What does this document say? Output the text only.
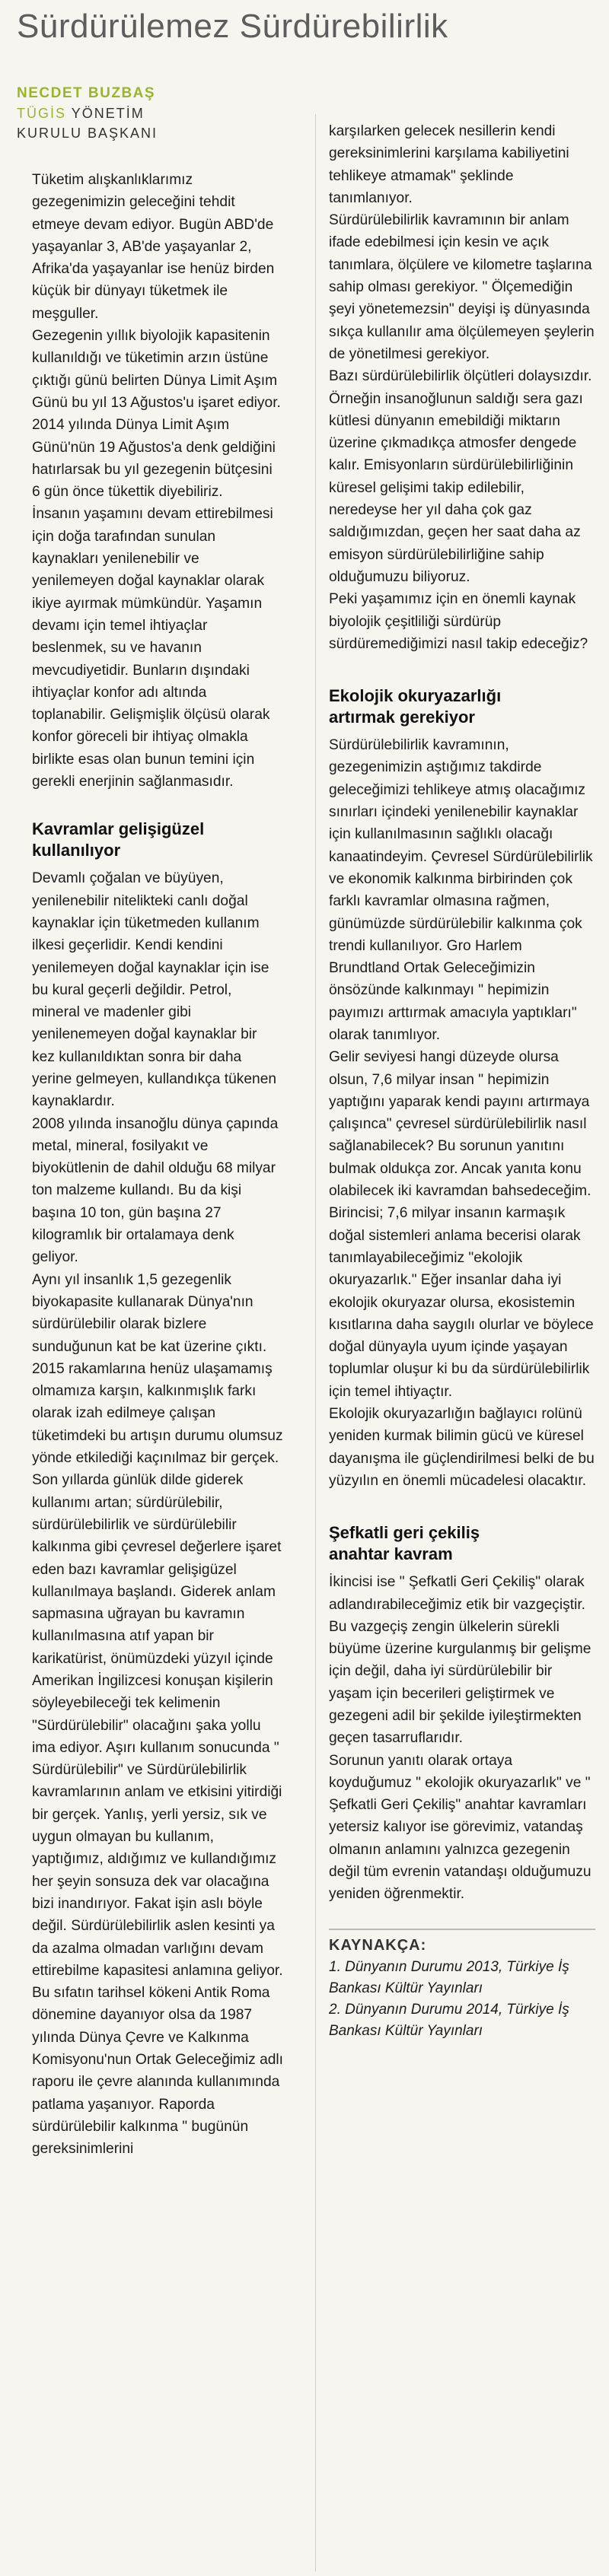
Sürdürülemez Sürdürebilirlik
NECDET BUZBAŞ
TÜGİS YÖNETİM
KURULU BAŞKANI

Tüketim alışkanlıklarımız gezegenimizin geleceğini tehdit etmeye devam ediyor. Bugün ABD'de yaşayanlar 3, AB'de yaşayanlar 2, Afrika'da yaşayanlar ise henüz birden küçük bir dünyayı tüketmek ile meşguller.

Gezegenin yıllık biyolojik kapasitenin kullanıldığı ve tüketimin arzın üstüne çıktığı günü belirten Dünya Limit Aşım Günü bu yıl 13 Ağustos'u işaret ediyor. 2014 yılında Dünya Limit Aşım Günü'nün 19 Ağustos'a denk geldiğini hatırlarsak bu yıl gezegenin bütçesini 6 gün önce tükettik diyebiliriz.

İnsanın yaşamını devam ettirebilmesi için doğa tarafından sunulan kaynakları yenilenebilir ve yenilemeyen doğal kaynaklar olarak ikiye ayırmak mümkündür. Yaşamın devamı için temel ihtiyaçlar beslenmek, su ve havanın mevcudiyetidir. Bunların dışındaki ihtiyaçlar konfor adı altında toplanabilir. Gelişmişlik ölçüsü olarak konfor göreceli bir ihtiyaç olmakla birlikte esas olan bunun temini için gerekli enerjinin sağlanmasıdır.

Kavramlar gelişigüzel kullanılıyor

Devamlı çoğalan ve büyüyen, yenilenebilir nitelikteki canlı doğal kaynaklar için tüketmeden kullanım ilkesi geçerlidir. Kendi kendini yenilemeyen doğal kaynaklar için ise bu kural geçerli değildir. Petrol, mineral ve madenler gibi yenilenemeyen doğal kaynaklar bir kez kullanıldıktan sonra bir daha yerine gelmeyen, kullandıkça tükenen kaynaklardır.

2008 yılında insanoğlu dünya çapında metal, mineral, fosilyakıt ve biyokütlenin de dahil olduğu 68 milyar ton malzeme kullandı. Bu da kişi başına 10 ton, gün başına 27 kilogramlık bir ortalamaya denk geliyor.

Aynı yıl insanlık 1,5 gezegenlik biyokapasite kullanarak Dünya'nın sürdürülebilir olarak bizlere sunduğunun kat be kat üzerine çıktı. 2015 rakamlarına henüz ulaşamamış olmamıza karşın, kalkınmışlık farkı olarak izah edilmeye çalışan tüketimdeki bu artışın durumu olumsuz yönde etkilediği kaçınılmaz bir gerçek.

Son yıllarda günlük dilde giderek kullanımı artan; sürdürülebilir, sürdürülebilirlik ve sürdürülebilir kalkınma gibi çevresel değerlere işaret eden bazı kavramlar gelişigüzel kullanılmaya başlandı. Giderek anlam sapmasına uğrayan bu kavramın kullanılmasına atıf yapan bir karikatürist, önümüzdeki yüzyıl içinde Amerikan İngilizcesi konuşan kişilerin söyleyebileceği tek kelimenin "Sürdürülebilir" olacağını şaka yollu ima ediyor. Aşırı kullanım sonucunda " Sürdürülebilir" ve Sürdürülebilirlik kavramlarının anlam ve etkisini yitirdiği bir gerçek. Yanlış, yerli yersiz, sık ve uygun olmayan bu kullanım, yaptığımız, aldığımız ve kullandığımız her şeyin sonsuza dek var olacağına bizi inandırıyor. Fakat işin aslı böyle değil. Sürdürülebilirlik aslen kesinti ya da azalma olmadan varlığını devam ettirebilme kapasitesi anlamına geliyor. Bu sıfatın tarihsel kökeni Antik Roma dönemine dayanıyor olsa da 1987 yılında Dünya Çevre ve Kalkınma Komisyonu'nun Ortak Geleceğimiz adlı raporu ile çevre alanında kullanımında patlama yaşanıyor. Raporda sürdürülebilir kalkınma " bugünün gereksinimlerini

karşılarken gelecek nesillerin kendi gereksinimlerini karşılama kabiliyetini tehlikeye atmamak" şeklinde tanımlanıyor.

Sürdürülebilirlik kavramının bir anlam ifade edebilmesi için kesin ve açık tanımlara, ölçülere ve kilometre taşlarına sahip olması gerekiyor. " Ölçemediğin şeyi yönetemezsin" deyişi iş dünyasında sıkça kullanılır ama ölçülemeyen şeylerin de yönetilmesi gerekiyor.

Bazı sürdürülebilirlik ölçütleri dolaysızdır. Örneğin insanoğlunun saldığı sera gazı kütlesi dünyanın emebildiği miktarın üzerine çıkmadıkça atmosfer dengede kalır. Emisyonların sürdürülebilirliğinin küresel gelişimi takip edilebilir, neredeyse her yıl daha çok gaz saldığımızdan, geçen her saat daha az emisyon sürdürülebilirliğine sahip olduğumuzu biliyoruz.

Peki yaşamımız için en önemli kaynak biyolojik çeşitliliği sürdürüp sürdüremediğimizi nasıl takip edeceğiz?

Ekolojik okuryazarlığı artırmak gerekiyor

Sürdürülebilirlik kavramının, gezegenimizin aştığımız takdirde geleceğimizi tehlikeye atmış olacağımız sınırları içindeki yenilenebilir kaynaklar için kullanılmasının sağlıklı olacağı kanaatindeyim. Çevresel Sürdürülebilirlik ve ekonomik kalkınma birbirinden çok farklı kavramlar olmasına rağmen, günümüzde sürdürülebilir kalkınma çok trendi kullanılıyor. Gro Harlem Brundtland Ortak Geleceğimizin önsözünde kalkınmayı " hepimizin payımızı arttırmak amacıyla yaptıkları" olarak tanımlıyor.

Gelir seviyesi hangi düzeyde olursa olsun, 7,6 milyar insan " hepimizin yaptığını yaparak kendi payını artırmaya çalışınca" çevresel sürdürülebilirlik nasıl sağlanabilecek? Bu sorunun yanıtını bulmak oldukça zor. Ancak yanıta konu olabilecek iki kavramdan bahsedeceğim.

Birincisi; 7,6 milyar insanın karmaşık doğal sistemleri anlama becerisi olarak tanımlayabileceğimiz "ekolojik okuryazarlık." Eğer insanlar daha iyi ekolojik okuryazar olursa, ekosistemin kısıtlarına daha saygılı olurlar ve böylece doğal dünyayla uyum içinde yaşayan toplumlar oluşur ki bu da sürdürülebilirlik için temel ihtiyaçtır.

Ekolojik okuryazarlığın bağlayıcı rolünü yeniden kurmak bilimin gücü ve küresel dayanışma ile güçlendirilmesi belki de bu yüzyılın en önemli mücadelesi olacaktır.

Şefkatli geri çekiliş anahtar kavram

İkincisi ise " Şefkatli Geri Çekiliş" olarak adlandırabileceğimiz etik bir vazgeçiştir. Bu vazgeçiş zengin ülkelerin sürekli büyüme üzerine kurgulanmış bir gelişme için değil, daha iyi sürdürülebilir bir yaşam için becerileri geliştirmek ve gezegeni adil bir şekilde iyileştirmekten geçen tasarruflarıdır.

Sorunun yanıtı olarak ortaya koyduğumuz " ekolojik okuryazarlık" ve " Şefkatli Geri Çekiliş" anahtar kavramları yetersiz kalıyor ise görevimiz, vatandaş olmanın anlamını yalnızca gezegenin değil tüm evrenin vatandaşı olduğumuzu yeniden öğrenmektir.

KAYNAKÇA:
1. Dünyanın Durumu 2013, Türkiye İş Bankası Kültür Yayınları
2. Dünyanın Durumu 2014, Türkiye İş Bankası Kültür Yayınları
